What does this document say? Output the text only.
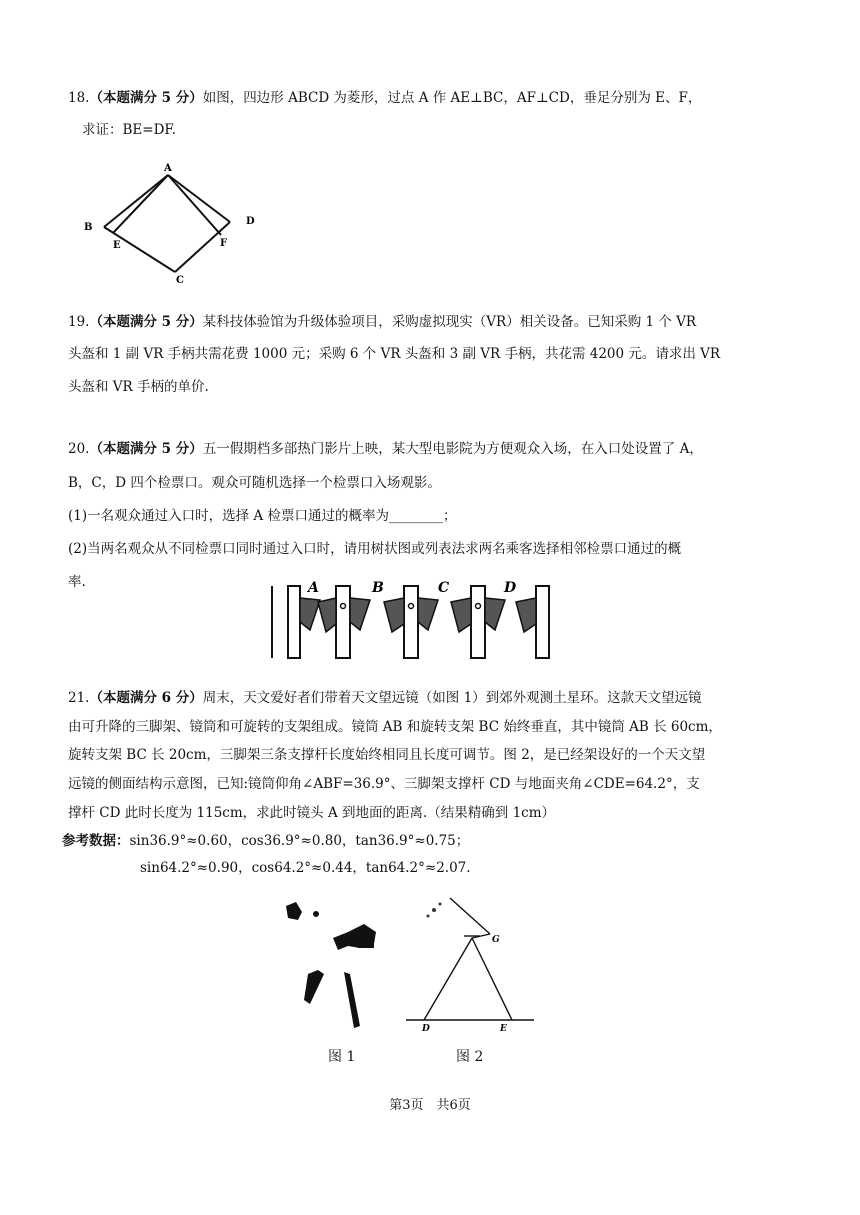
18.（本题满分 5 分）如图，四边形 ABCD 为菱形，过点 A 作 AE⊥BC，AF⊥CD，垂足分别为 E、F，
求证：BE=DF.
A
B
C
D
E	F
19.（本题满分 5 分）某科技体验馆为升级体验项目，采购虚拟现实（VR）相关设备。已知采购 1 个 VR
头盔和 1 副 VR 手柄共需花费 1000 元；采购 6 个 VR 头盔和 3 副 VR 手柄，共花需 4200 元。请求出 VR
头盔和 VR 手柄的单价.
20.（本题满分 5 分）五一假期档多部热门影片上映，某大型电影院为方便观众入场，在入口处设置了 A，
B，C，D 四个检票口。观众可随机选择一个检票口入场观影。
(1)一名观众通过入口时，选择 A 检票口通过的概率为________；
(2)当两名观众从不同检票口同时通过入口时，请用树状图或列表法求两名乘客选择相邻检票口通过的概
率.	A	B	C	D
21.（本题满分 6 分）周末，天文爱好者们带着天文望远镜（如图 1）到郊外观测土星环。这款天文望远镜
由可升降的三脚架、镜筒和可旋转的支架组成。镜筒 AB 和旋转支架 BC 始终垂直，其中镜筒 AB 长 60cm，
旋转支架 BC 长 20cm，三脚架三条支撑杆长度始终相同且长度可调节。图 2，是已经架设好的一个天文望
远镜的侧面结构示意图，已知:镜筒仰角∠ABF=36.9°、三脚架支撑杆 CD 与地面夹角∠CDE=64.2°，支
撑杆 CD 此时长度为 115cm，求此时镜头 A 到地面的距离.（结果精确到 1cm）
参考数据：sin36.9°≈0.60，cos36.9°≈0.80，tan36.9°≈0.75；
sin64.2°≈0.90，cos64.2°≈0.44，tan64.2°≈2.07.
G
D	E
图 1	图 2
第3页　共6页
